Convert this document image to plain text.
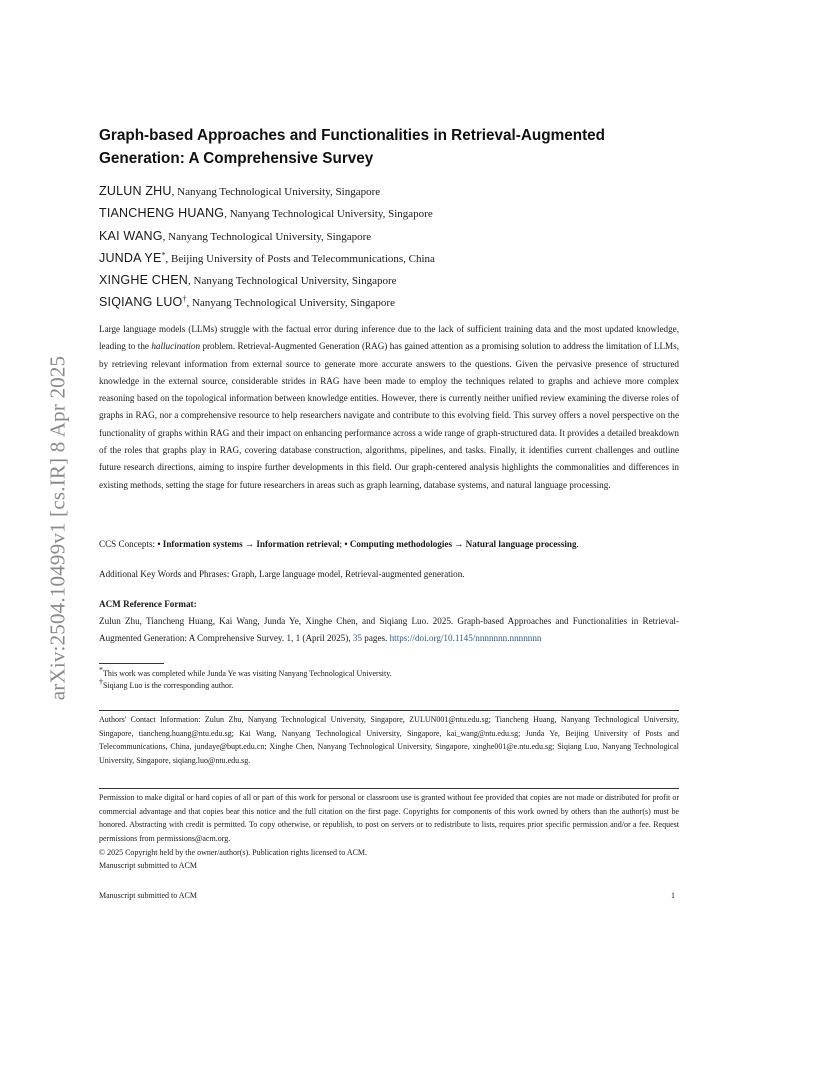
arXiv:2504.10499v1 [cs.IR] 8 Apr 2025
Graph-based Approaches and Functionalities in Retrieval-Augmented Generation: A Comprehensive Survey
ZULUN ZHU, Nanyang Technological University, Singapore
TIANCHENG HUANG, Nanyang Technological University, Singapore
KAI WANG, Nanyang Technological University, Singapore
JUNDA YE*, Beijing University of Posts and Telecommunications, China
XINGHE CHEN, Nanyang Technological University, Singapore
SIQIANG LUO†, Nanyang Technological University, Singapore

Large language models (LLMs) struggle with the factual error during inference due to the lack of sufficient training data and the most updated knowledge, leading to the hallucination problem. Retrieval-Augmented Generation (RAG) has gained attention as a promising solution to address the limitation of LLMs, by retrieving relevant information from external source to generate more accurate answers to the questions. Given the pervasive presence of structured knowledge in the external source, considerable strides in RAG have been made to employ the techniques related to graphs and achieve more complex reasoning based on the topological information between knowledge entities. However, there is currently neither unified review examining the diverse roles of graphs in RAG, nor a comprehensive resource to help researchers navigate and contribute to this evolving field. This survey offers a novel perspective on the functionality of graphs within RAG and their impact on enhancing performance across a wide range of graph-structured data. It provides a detailed breakdown of the roles that graphs play in RAG, covering database construction, algorithms, pipelines, and tasks. Finally, it identifies current challenges and outline future research directions, aiming to inspire further developments in this field. Our graph-centered analysis highlights the commonalities and differences in existing methods, setting the stage for future researchers in areas such as graph learning, database systems, and natural language processing.

CCS Concepts: • Information systems → Information retrieval; • Computing methodologies → Natural language processing.
Additional Key Words and Phrases: Graph, Large language model, Retrieval-augmented generation.
ACM Reference Format:

Zulun Zhu, Tiancheng Huang, Kai Wang, Junda Ye, Xinghe Chen, and Siqiang Luo. 2025. Graph-based Approaches and Functionalities in Retrieval-Augmented Generation: A Comprehensive Survey. 1, 1 (April 2025), 35 pages. https://doi.org/10.1145/nnnnnnn.nnnnnnn

*This work was completed while Junda Ye was visiting Nanyang Technological University.
†Siqiang Luo is the corresponding author.

Authors' Contact Information: Zulun Zhu, Nanyang Technological University, Singapore, ZULUN001@ntu.edu.sg; Tiancheng Huang, Nanyang Technological University, Singapore, tiancheng.huang@ntu.edu.sg; Kai Wang, Nanyang Technological University, Singapore, kai_wang@ntu.edu.sg; Junda Ye, Beijing University of Posts and Telecommunications, China, jundaye@bupt.edu.cn; Xinghe Chen, Nanyang Technological University, Singapore, xinghe001@e.ntu.edu.sg; Siqiang Luo, Nanyang Technological University, Singapore, siqiang.luo@ntu.edu.sg.

Permission to make digital or hard copies of all or part of this work for personal or classroom use is granted without fee provided that copies are not made or distributed for profit or commercial advantage and that copies bear this notice and the full citation on the first page. Copyrights for components of this work owned by others than the author(s) must be honored. Abstracting with credit is permitted. To copy otherwise, or republish, to post on servers or to redistribute to lists, requires prior specific permission and/or a fee. Request permissions from permissions@acm.org.

© 2025 Copyright held by the owner/author(s). Publication rights licensed to ACM.
Manuscript submitted to ACM
Manuscript submitted to ACM	1
